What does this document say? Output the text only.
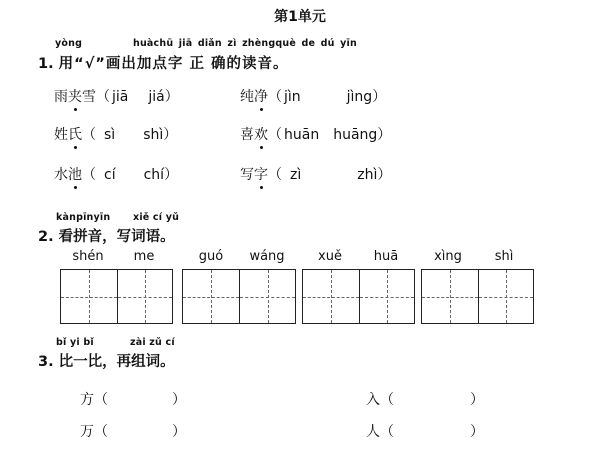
第1单元
yòng	huàchū jiā diǎn zì zhèngquè de dú yīn
1. 用“√”画出加点字 正 确的读音。
雨夹雪（ jiā jiá）	纯净（ jìn	jìng）
姓氏（ sì shì）	喜欢（ huān huāng）
水池（ cí chí）	写字（ zì	zhì）
kànpīnyīn xiě cí yǔ
2. 看拼音，写词语。
shén	me	guó	wáng	xuě	huā	xìng	shì
bǐ yi bǐ	zài zǔ cí
3. 比一比，再组词。
方（	）	入（	）
万（	）	人（	）
